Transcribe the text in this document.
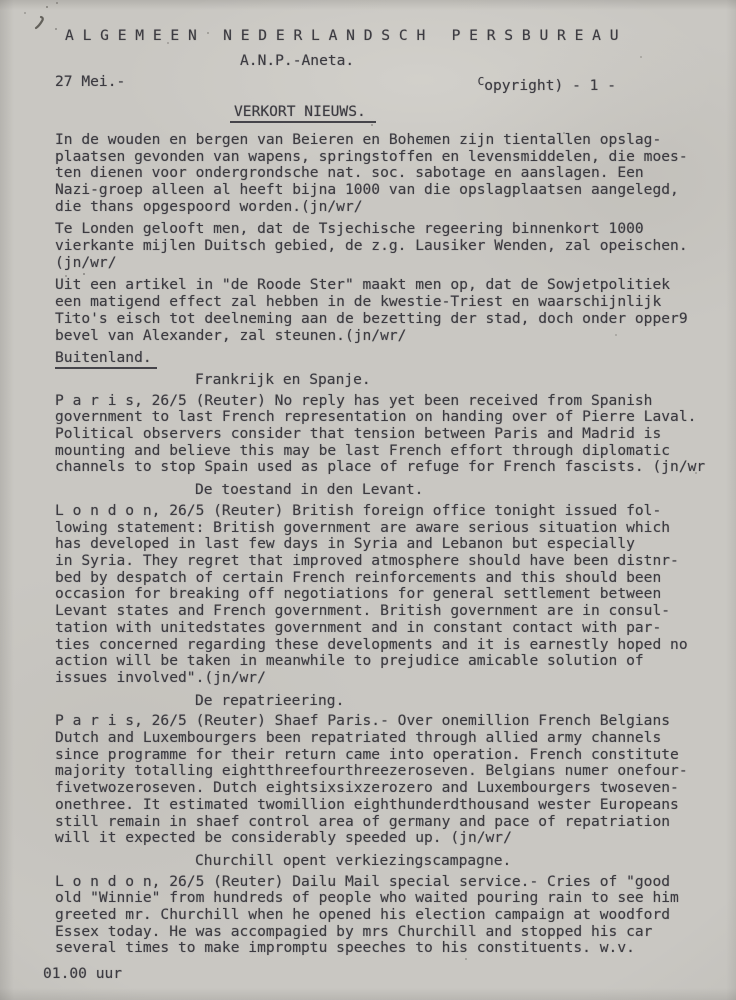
A L G E M E E N   N E D E R L A N D S C H   P E R S B U R E A U
A.N.P.-Aneta.
27 Mei.-	Copyright) - 1 -
VERKORT NIEUWS.
In de wouden en bergen van Beieren en Bohemen zijn tientallen opslag-
plaatsen gevonden van wapens, springstoffen en levensmiddelen, die moes-
ten dienen voor ondergrondsche nat. soc. sabotage en aanslagen. Een
Nazi-groep alleen al heeft bijna 1000 van die opslagplaatsen aangelegd,
die thans opgespoord worden.(jn/wr/
Te Londen gelooft men, dat de Tsjechische regeering binnenkort 1000
vierkante mijlen Duitsch gebied, de z.g. Lausiker Wenden, zal opeischen.
(jn/wr/
Uit een artikel in "de Roode Ster" maakt men op, dat de Sowjetpolitiek
een matigend effect zal hebben in de kwestie-Triest en waarschijnlijk
Tito's eisch tot deelneming aan de bezetting der stad, doch onder opper9
bevel van Alexander, zal steunen.(jn/wr/
Buitenland.
Frankrijk en Spanje.
P a r i s, 26/5 (Reuter) No reply has yet been received from Spanish
government to last French representation on handing over of Pierre Laval.
Political observers consider that tension between Paris and Madrid is
mounting and believe this may be last French effort through diplomatic
channels to stop Spain used as place of refuge for French fascists. (jn/wr
De toestand in den Levant.
L o n d o n, 26/5 (Reuter) British foreign office tonight issued fol-
lowing statement: British government are aware serious situation which
has developed in last few days in Syria and Lebanon but especially
in Syria. They regret that improved atmosphere should have been distnr-
bed by despatch of certain French reinforcements and this should been
occasion for breaking off negotiations for general settlement between
Levant states and French government. British government are in consul-
tation with unitedstates government and in constant contact with par-
ties concerned regarding these developments and it is earnestly hoped no
action will be taken in meanwhile to prejudice amicable solution of
issues involved".(jn/wr/
De repatrieering.
P a r i s, 26/5 (Reuter) Shaef Paris.- Over onemillion French Belgians
Dutch and Luxembourgers been repatriated through allied army channels
since programme for their return came into operation. French constitute
majority totalling eightthreefourthreezeroseven. Belgians numer onefour-
fivetwozeroseven. Dutch eightsixsixzerozero and Luxembourgers twoseven-
onethree. It estimated twomillion eighthunderdthousand wester Europeans
still remain in shaef control area of germany and pace of repatriation
will it expected be considerably speeded up. (jn/wr/
Churchill opent verkiezingscampagne.
L o n d o n, 26/5 (Reuter) Dailu Mail special service.- Cries of "good
old "Winnie" from hundreds of people who waited pouring rain to see him
greeted mr. Churchill when he opened his election campaign at woodford
Essex today. He was accompagied by mrs Churchill and stopped his car
several times to make impromptu speeches to his constituents. w.v.
01.00 uur
